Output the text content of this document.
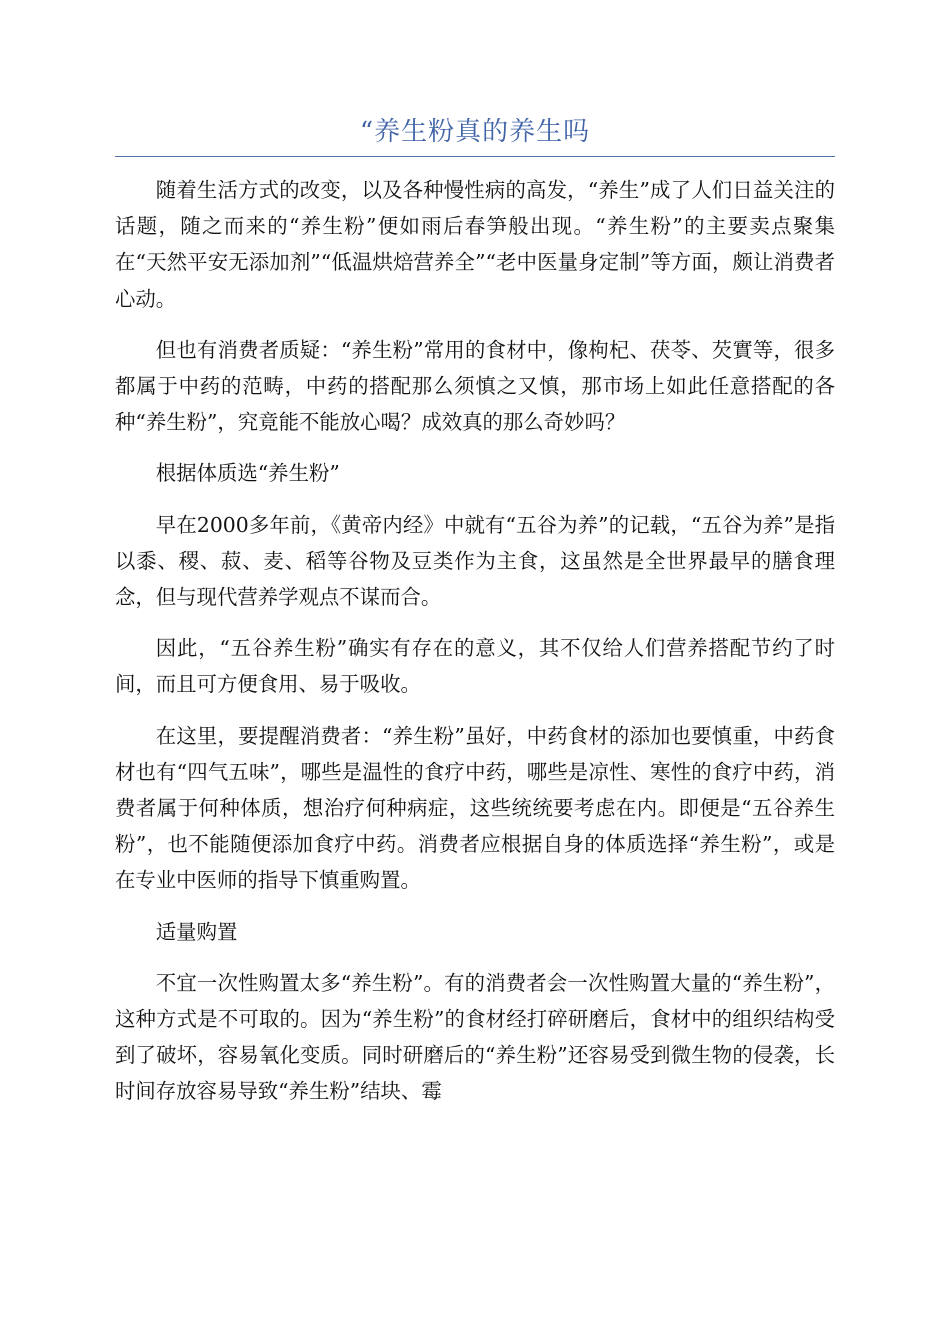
“养生粉真的养生吗

随着生活方式的改变，以及各种慢性病的高发，“养生”成了人们日益关注的话题，随之而来的“养生粉”便如雨后春笋般出现。“养生粉”的主要卖点聚集在“天然平安无添加剂”“低温烘焙营养全”“老中医量身定制”等方面，颇让消费者心动。

但也有消费者质疑：“养生粉”常用的食材中，像枸杞、茯苓、芡實等，很多都属于中药的范畴，中药的搭配那么须慎之又慎，那市场上如此任意搭配的各种“养生粉”，究竟能不能放心喝？成效真的那么奇妙吗？

根据体质选“养生粉”

早在2000多年前，《黄帝内经》中就有“五谷为养”的记载，“五谷为养”是指以黍、稷、菽、麦、稻等谷物及豆类作为主食，这虽然是全世界最早的膳食理念，但与现代营养学观点不谋而合。

因此，“五谷养生粉”确实有存在的意义，其不仅给人们营养搭配节约了时间，而且可方便食用、易于吸收。

在这里，要提醒消费者：“养生粉”虽好，中药食材的添加也要慎重，中药食材也有“四气五味”，哪些是温性的食疗中药，哪些是凉性、寒性的食疗中药，消费者属于何种体质，想治疗何种病症，这些统统要考虑在内。即便是“五谷养生粉”，也不能随便添加食疗中药。消费者应根据自身的体质选择“养生粉”，或是在专业中医师的指导下慎重购置。

适量购置

不宜一次性购置太多“养生粉”。有的消费者会一次性购置大量的“养生粉”，这种方式是不可取的。因为“养生粉”的食材经打碎研磨后，食材中的组织结构受到了破坏，容易氧化变质。同时研磨后的“养生粉”还容易受到微生物的侵袭，长时间存放容易导致“养生粉”结块、霉
